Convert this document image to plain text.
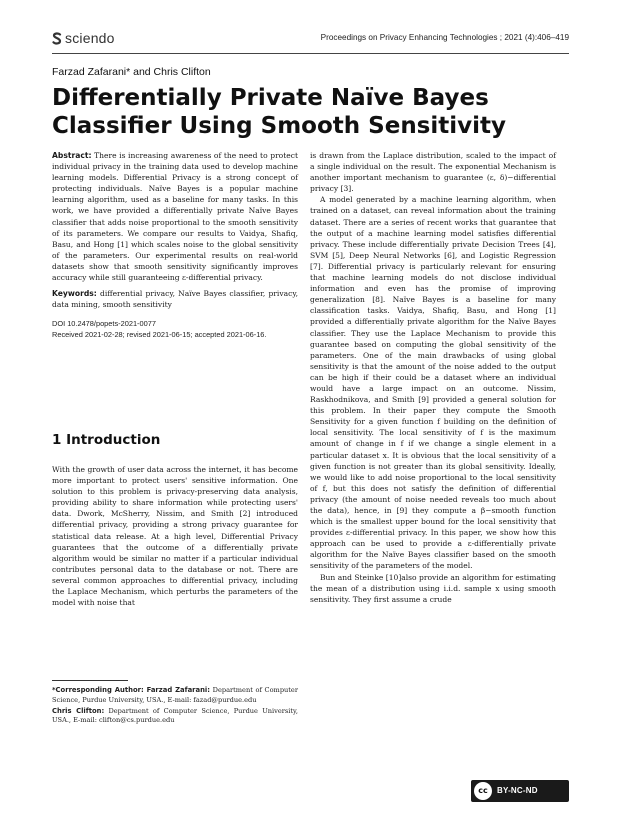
sciendo	Proceedings on Privacy Enhancing Technologies ; 2021 (4):406–419
Farzad Zafarani* and Chris Clifton
Differentially Private Naïve Bayes Classifier Using Smooth Sensitivity

Abstract: There is increasing awareness of the need to protect individual privacy in the training data used to develop machine learning models. Differential Privacy is a strong concept of protecting individuals. Naïve Bayes is a popular machine learning algorithm, used as a baseline for many tasks. In this work, we have provided a differentially private Naïve Bayes classifier that adds noise proportional to the smooth sensitivity of its parameters. We compare our results to Vaidya, Shafiq, Basu, and Hong [1] which scales noise to the global sensitivity of the parameters. Our experimental results on real-world datasets show that smooth sensitivity significantly improves accuracy while still guaranteeing ε-differential privacy.

Keywords: differential privacy, Naïve Bayes classifier, privacy, data mining, smooth sensitivity

DOI 10.2478/popets-2021-0077
Received 2021-02-28; revised 2021-06-15; accepted 2021-06-16.
1 Introduction

With the growth of user data across the internet, it has become more important to protect users' sensitive information. One solution to this problem is privacy-preserving data analysis, providing ability to share information while protecting users' data. Dwork, McSherry, Nissim, and Smith [2] introduced differential privacy, providing a strong privacy guarantee for statistical data release. At a high level, Differential Privacy guarantees that the outcome of a differentially private algorithm would be similar no matter if a particular individual contributes personal data to the database or not. There are several common approaches to differential privacy, including the Laplace Mechanism, which perturbs the parameters of the model with noise that

*Corresponding Author: Farzad Zafarani: Department of Computer Science, Purdue University, USA., E-mail: fazad@purdue.edu

Chris Clifton: Department of Computer Science, Purdue University, USA., E-mail: clifton@cs.purdue.edu

is drawn from the Laplace distribution, scaled to the impact of a single individual on the result. The exponential Mechanism is another important mechanism to guarantee (ε, δ)−differential privacy [3].

A model generated by a machine learning algorithm, when trained on a dataset, can reveal information about the training dataset. There are a series of recent works that guarantee that the output of a machine learning model satisfies differential privacy. These include differentially private Decision Trees [4], SVM [5], Deep Neural Networks [6], and Logistic Regression [7]. Differential privacy is particularly relevant for ensuring that machine learning models do not disclose individual information and even has the promise of improving generalization [8]. Naïve Bayes is a baseline for many classification tasks. Vaidya, Shafiq, Basu, and Hong [1] provided a differentially private algorithm for the Naïve Bayes classifier. They use the Laplace Mechanism to provide this guarantee based on computing the global sensitivity of the parameters. One of the main drawbacks of using global sensitivity is that the amount of the noise added to the output can be high if their could be a dataset where an individual would have a large impact on an outcome. Nissim, Raskhodnikova, and Smith [9] provided a general solution for this problem. In their paper they compute the Smooth Sensitivity for a given function f building on the definition of local sensitivity. The local sensitivity of f is the maximum amount of change in f if we change a single element in a particular dataset x. It is obvious that the local sensitivity of a given function is not greater than its global sensitivity. Ideally, we would like to add noise proportional to the local sensitivity of f, but this does not satisfy the definition of differential privacy (the amount of noise needed reveals too much about the data), hence, in [9] they compute a β−smooth function which is the smallest upper bound for the local sensitivity that provides ε-differential privacy. In this paper, we show how this approach can be used to provide a ε-differentially private algorithm for the Naïve Bayes classifier based on the smooth sensitivity of the parameters of the model.

Bun and Steinke [10]also provide an algorithm for estimating the mean of a distribution using i.i.d. sample x using smooth sensitivity. They first assume a crude

cc	BY-NC-ND
